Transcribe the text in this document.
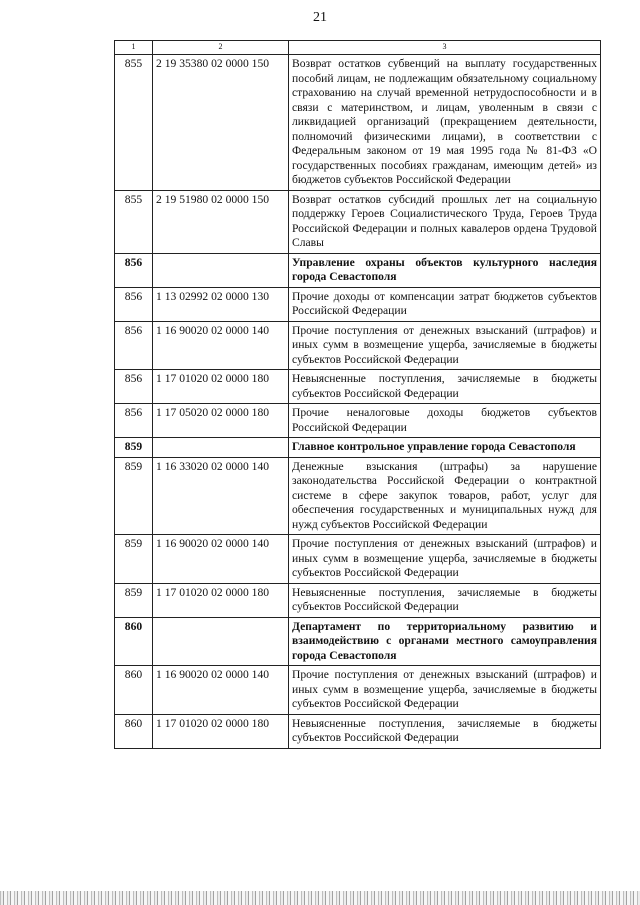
21
1	2	3
855	2 19 35380 02 0000 150	Возврат остатков субвенций на выплату государственных пособий лицам, не подлежащим обязательному социальному страхованию на случай временной нетрудоспособности и в связи с материнством, и лицам, уволенным в связи с ликвидацией организаций (прекращением деятельности, полномочий физическими лицами), в соответствии с Федеральным законом от 19 мая 1995 года № 81-ФЗ «О государственных пособиях гражданам, имеющим детей» из бюджетов субъектов Российской Федерации
855	2 19 51980 02 0000 150	Возврат остатков субсидий прошлых лет на социальную поддержку Героев Социалистического Труда, Героев Труда Российской Федерации и полных кавалеров ордена Трудовой Славы
856		Управление охраны объектов культурного наследия города Севастополя
856	1 13 02992 02 0000 130	Прочие доходы от компенсации затрат бюджетов субъектов Российской Федерации
856	1 16 90020 02 0000 140	Прочие поступления от денежных взысканий (штрафов) и иных сумм в возмещение ущерба, зачисляемые в бюджеты субъектов Российской Федерации
856	1 17 01020 02 0000 180	Невыясненные поступления, зачисляемые в бюджеты субъектов Российской Федерации
856	1 17 05020 02 0000 180	Прочие неналоговые доходы бюджетов субъектов Российской Федерации
859		Главное контрольное управление города Севастополя
859	1 16 33020 02 0000 140	Денежные взыскания (штрафы) за нарушение законодательства Российской Федерации о контрактной системе в сфере закупок товаров, работ, услуг для обеспечения государственных и муниципальных нужд для нужд субъектов Российской Федерации
859	1 16 90020 02 0000 140	Прочие поступления от денежных взысканий (штрафов) и иных сумм в возмещение ущерба, зачисляемые в бюджеты субъектов Российской Федерации
859	1 17 01020 02 0000 180	Невыясненные поступления, зачисляемые в бюджеты субъектов Российской Федерации
860		Департамент по территориальному развитию и взаимодействию с органами местного самоуправления города Севастополя
860	1 16 90020 02 0000 140	Прочие поступления от денежных взысканий (штрафов) и иных сумм в возмещение ущерба, зачисляемые в бюджеты субъектов Российской Федерации
860	1 17 01020 02 0000 180	Невыясненные поступления, зачисляемые в бюджеты субъектов Российской Федерации
